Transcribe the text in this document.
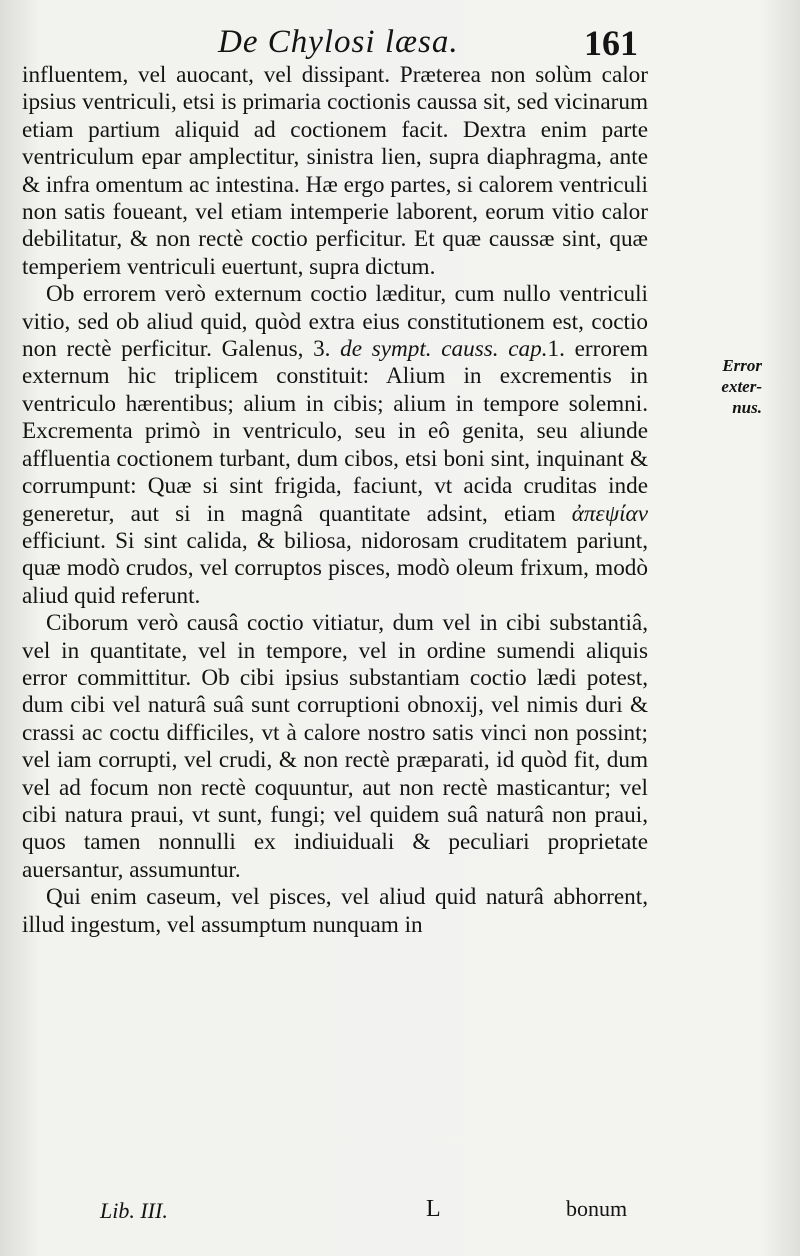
De Chylosi læsa.	161

influentem, vel auocant, vel dissipant. Præterea non solùm calor ipsius ventriculi, etsi is primaria coctionis caussa sit, sed vicinarum etiam partium aliquid ad coctionem facit. Dextra enim parte ventriculum epar amplectitur, sinistra lien, supra diaphragma, ante & infra omentum ac intestina. Hæ ergo partes, si calorem ventriculi non satis foueant, vel etiam intemperie laborent, eorum vitio calor debilitatur, & non rectè coctio perficitur. Et quæ caussæ sint, quæ temperiem ventriculi euertunt, supra dictum.

Ob errorem verò externum coctio læditur, cum nullo ventriculi vitio, sed ob aliud quid, quòd extra eius constitutionem est, coctio non rectè perficitur. Galenus, 3. de sympt. causs. cap.1. errorem externum hic triplicem constituit: Alium in excrementis in ventriculo hærentibus; alium in cibis; alium in tempore solemni. Excrementa primò in ventriculo, seu in eô genita, seu aliunde affluentia coctionem turbant, dum cibos, etsi boni sint, inquinant & corrumpunt: Quæ si sint frigida, faciunt, vt acida cruditas inde generetur, aut si in magnâ quantitate adsint, etiam ἀπεψίαν efficiunt. Si sint calida, & biliosa, nidorosam cruditatem pariunt, quæ modò crudos, vel corruptos pisces, modò oleum frixum, modò aliud quid referunt.

Ciborum verò causâ coctio vitiatur, dum vel in cibi substantiâ, vel in quantitate, vel in tempore, vel in ordine sumendi aliquis error committitur. Ob cibi ipsius substantiam coctio lædi potest, dum cibi vel naturâ suâ sunt corruptioni obnoxij, vel nimis duri & crassi ac coctu difficiles, vt à calore nostro satis vinci non possint; vel iam corrupti, vel crudi, & non rectè præparati, id quòd fit, dum vel ad focum non rectè coquuntur, aut non rectè masticantur; vel cibi natura praui, vt sunt, fungi; vel quidem suâ naturâ non praui, quos tamen nonnulli ex indiuiduali & peculiari proprietate auersantur, assumuntur.

Qui enim caseum, vel pisces, vel aliud quid naturâ abhorrent, illud ingestum, vel assumptum nunquam in

Error
exter-
nus.
Lib. III.	L	bonum
